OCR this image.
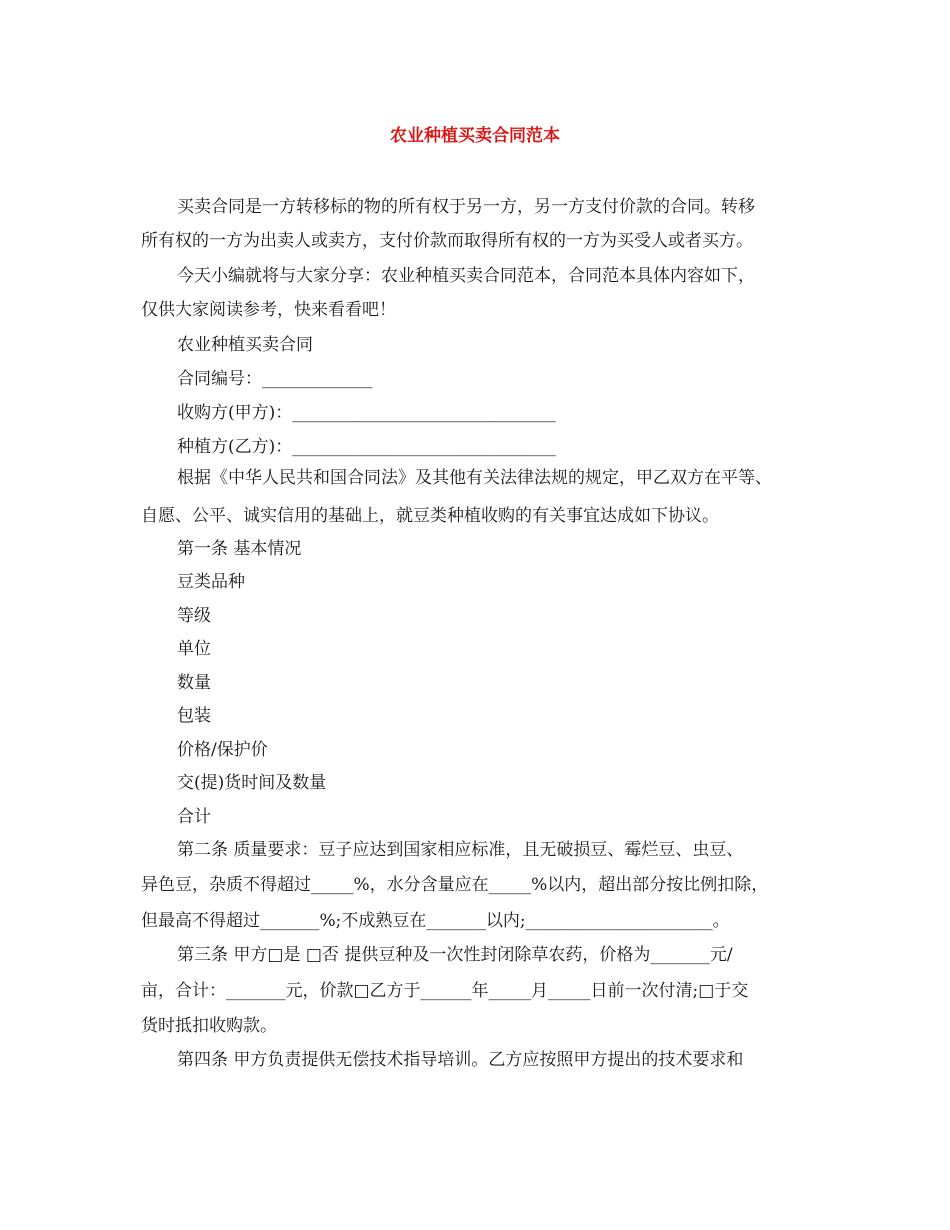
农业种植买卖合同范本
买卖合同是一方转移标的物的所有权于另一方，另一方支付价款的合同。转移
所有权的一方为出卖人或卖方，支付价款而取得所有权的一方为买受人或者买方。
今天小编就将与大家分享：农业种植买卖合同范本，合同范本具体内容如下，
仅供大家阅读参考，快来看看吧！
农业种植买卖合同
合同编号：_____________
收购方(甲方)：_______________________________
种植方(乙方)：_______________________________
根据《中华人民共和国合同法》及其他有关法律法规的规定，甲乙双方在平等、
自愿、公平、诚实信用的基础上，就豆类种植收购的有关事宜达成如下协议。
第一条 基本情况
豆类品种
等级
单位
数量
包装
价格/保护价
交(提)货时间及数量
合计
第二条 质量要求：豆子应达到国家相应标准，且无破损豆、霉烂豆、虫豆、
异色豆，杂质不得超过_____%，水分含量应在_____%以内，超出部分按比例扣除，
但最高不得超过_______%;不成熟豆在_______以内;______________________。
第三条 甲方□是 □否 提供豆种及一次性封闭除草农药，价格为_______元/
亩，合计：_______元，价款□乙方于______年_____月_____日前一次付清;□于交
货时抵扣收购款。
第四条 甲方负责提供无偿技术指导培训。乙方应按照甲方提出的技术要求和
